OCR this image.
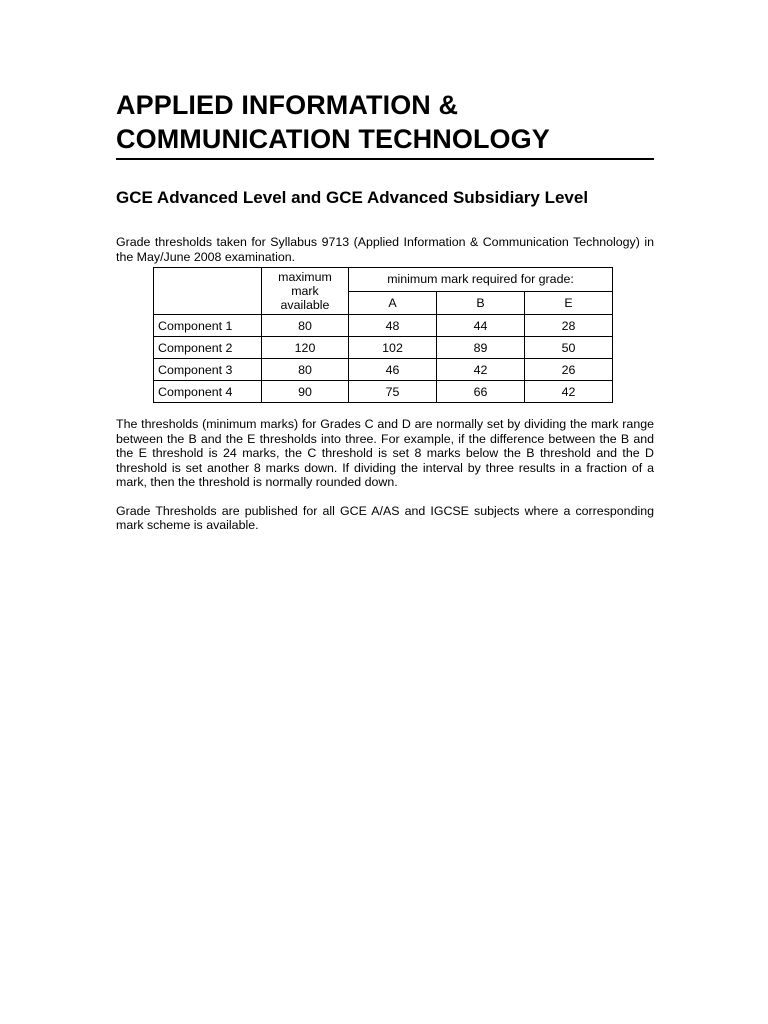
APPLIED INFORMATION &
COMMUNICATION TECHNOLOGY
GCE Advanced Level and GCE Advanced Subsidiary Level

Grade thresholds taken for Syllabus 9713 (Applied Information & Communication Technology) in the May/June 2008 examination.

	maximum
mark
available	minimum mark required for grade:		
		A	B	E
Component 1	80	48	44	28
Component 2	120	102	89	50
Component 3	80	46	42	26
Component 4	90	75	66	42

The thresholds (minimum marks) for Grades C and D are normally set by dividing the mark range between the B and the E thresholds into three. For example, if the difference between the B and the E threshold is 24 marks, the C threshold is set 8 marks below the B threshold and the D threshold is set another 8 marks down. If dividing the interval by three results in a fraction of a mark, then the threshold is normally rounded down.

Grade Thresholds are published for all GCE A/AS and IGCSE subjects where a corresponding mark scheme is available.
